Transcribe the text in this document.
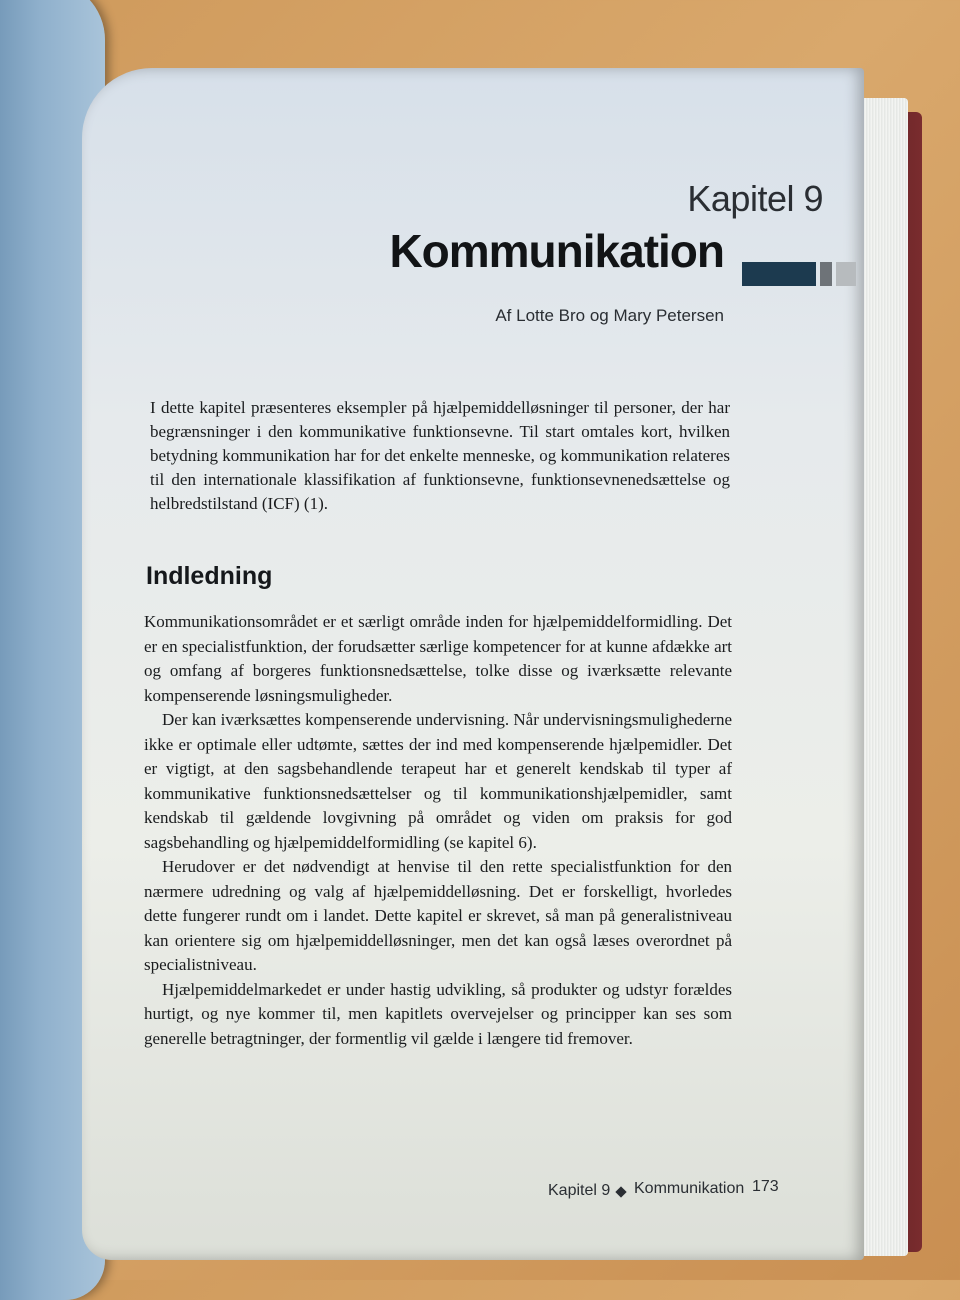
Kapitel 9
Kommunikation
Af Lotte Bro og Mary Petersen
I dette kapitel præsenteres eksempler på hjælpemiddelløsninger til personer, der har begrænsninger i den kommunikative funktionsevne. Til start omtales kort, hvilken betydning kommunikation har for det enkelte menneske, og kommunikation relateres til den internationale klassifikation af funktionsevne, funktionsevnenedsættelse og helbredstilstand (ICF) (1).
Indledning

Kommunikationsområdet er et særligt område inden for hjælpemiddelformidling. Det er en specialistfunktion, der forudsætter særlige kompetencer for at kunne afdække art og omfang af borgeres funktionsnedsættelse, tolke disse og iværksætte relevante kompenserende løsningsmuligheder.

Der kan iværksættes kompenserende undervisning. Når undervisningsmulighederne ikke er optimale eller udtømte, sættes der ind med kompenserende hjælpemidler. Det er vigtigt, at den sagsbehandlende terapeut har et generelt kendskab til typer af kommunikative funktionsnedsættelser og til kommunikationshjælpemidler, samt kendskab til gældende lovgivning på området og viden om praksis for god sagsbehandling og hjælpemiddelformidling (se kapitel 6).

Herudover er det nødvendigt at henvise til den rette specialistfunktion for den nærmere udredning og valg af hjælpemiddelløsning. Det er forskelligt, hvorledes dette fungerer rundt om i landet. Dette kapitel er skrevet, så man på generalistniveau kan orientere sig om hjælpemiddelløsninger, men det kan også læses overordnet på specialistniveau.

Hjælpemiddelmarkedet er under hastig udvikling, så produkter og udstyr forældes hurtigt, og nye kommer til, men kapitlets overvejelser og principper kan ses som generelle betragtninger, der formentlig vil gælde i længere tid fremover.

Kapitel 9 Kommunikation 173
